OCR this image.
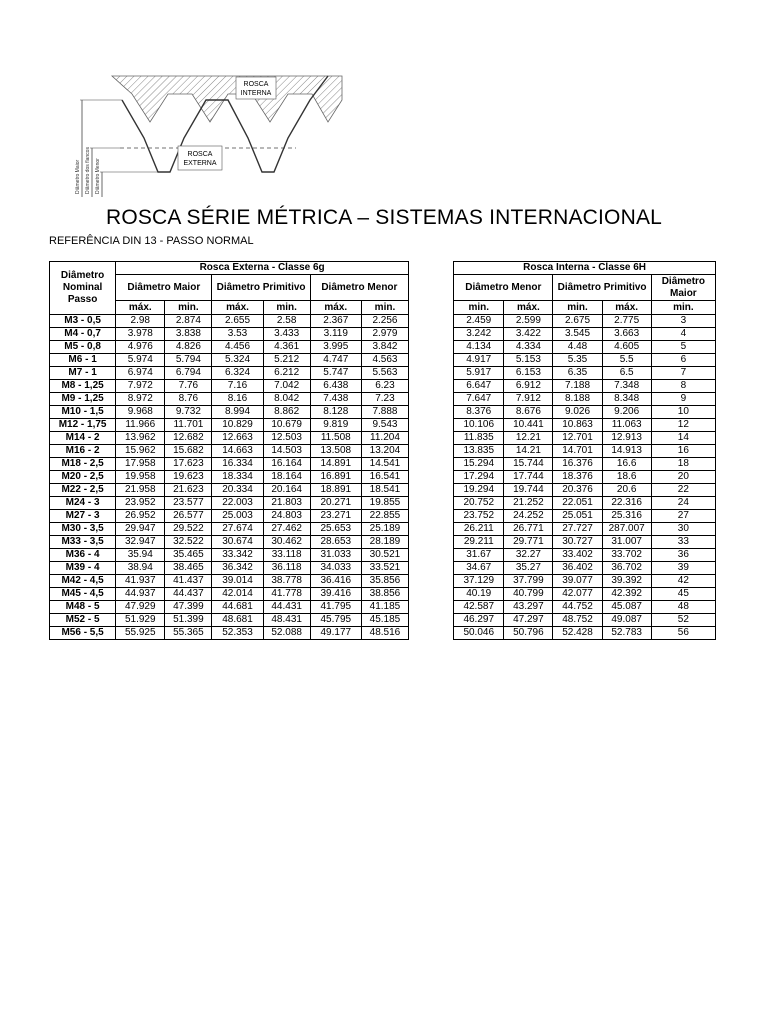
Diâmetro Maior Diâmetro dos flancos Diâmetro Menor
ROSCA
INTERNA
ROSCA
EXTERNA
ROSCA SÉRIE MÉTRICA – SISTEMAS INTERNACIONAL
REFERÊNCIA DIN 13 - PASSO NORMAL
Diâmetro
Nominal
Passo	Rosca Externa - Classe 6g							Rosca Interna - Classe 6H				
	Diâmetro Maior		Diâmetro Primitivo		Diâmetro Menor			Diâmetro Menor		Diâmetro Primitivo		Diâmetro Maior
	máx.	min.	máx.	min.	máx.	min.		min.	máx.	min.	máx.	min.
M3 - 0,5	2.98	2.874	2.655	2.58	2.367	2.256		2.459	2.599	2.675	2.775	3
M4 - 0,7	3.978	3.838	3.53	3.433	3.119	2.979		3.242	3.422	3.545	3.663	4
M5 - 0,8	4.976	4.826	4.456	4.361	3.995	3.842		4.134	4.334	4.48	4.605	5
M6 - 1	5.974	5.794	5.324	5.212	4.747	4.563		4.917	5.153	5.35	5.5	6
M7 - 1	6.974	6.794	6.324	6.212	5.747	5.563		5.917	6.153	6.35	6.5	7
M8 - 1,25	7.972	7.76	7.16	7.042	6.438	6.23		6.647	6.912	7.188	7.348	8
M9 - 1,25	8.972	8.76	8.16	8.042	7.438	7.23		7.647	7.912	8.188	8.348	9
M10 - 1,5	9.968	9.732	8.994	8.862	8.128	7.888		8.376	8.676	9.026	9.206	10
M12 - 1,75	11.966	11.701	10.829	10.679	9.819	9.543		10.106	10.441	10.863	11.063	12
M14 - 2	13.962	12.682	12.663	12.503	11.508	11.204		11.835	12.21	12.701	12.913	14
M16 - 2	15.962	15.682	14.663	14.503	13.508	13.204		13.835	14.21	14.701	14.913	16
M18 - 2,5	17.958	17.623	16.334	16.164	14.891	14.541		15.294	15.744	16.376	16.6	18
M20 - 2,5	19.958	19.623	18.334	18.164	16.891	16.541		17.294	17.744	18.376	18.6	20
M22 - 2,5	21.958	21.623	20.334	20.164	18.891	18.541		19.294	19.744	20.376	20.6	22
M24 - 3	23.952	23.577	22.003	21.803	20.271	19.855		20.752	21.252	22.051	22.316	24
M27 - 3	26.952	26.577	25.003	24.803	23.271	22.855		23.752	24.252	25.051	25.316	27
M30 - 3,5	29.947	29.522	27.674	27.462	25.653	25.189		26.211	26.771	27.727	287.007	30
M33 - 3,5	32.947	32.522	30.674	30.462	28.653	28.189		29.211	29.771	30.727	31.007	33
M36 - 4	35.94	35.465	33.342	33.118	31.033	30.521		31.67	32.27	33.402	33.702	36
M39 - 4	38.94	38.465	36.342	36.118	34.033	33.521		34.67	35.27	36.402	36.702	39
M42 - 4,5	41.937	41.437	39.014	38.778	36.416	35.856		37.129	37.799	39.077	39.392	42
M45 - 4,5	44.937	44.437	42.014	41.778	39.416	38.856		40.19	40.799	42.077	42.392	45
M48 - 5	47.929	47.399	44.681	44.431	41.795	41.185		42.587	43.297	44.752	45.087	48
M52 - 5	51.929	51.399	48.681	48.431	45.795	45.185		46.297	47.297	48.752	49.087	52
M56 - 5,5	55.925	55.365	52.353	52.088	49.177	48.516		50.046	50.796	52.428	52.783	56
